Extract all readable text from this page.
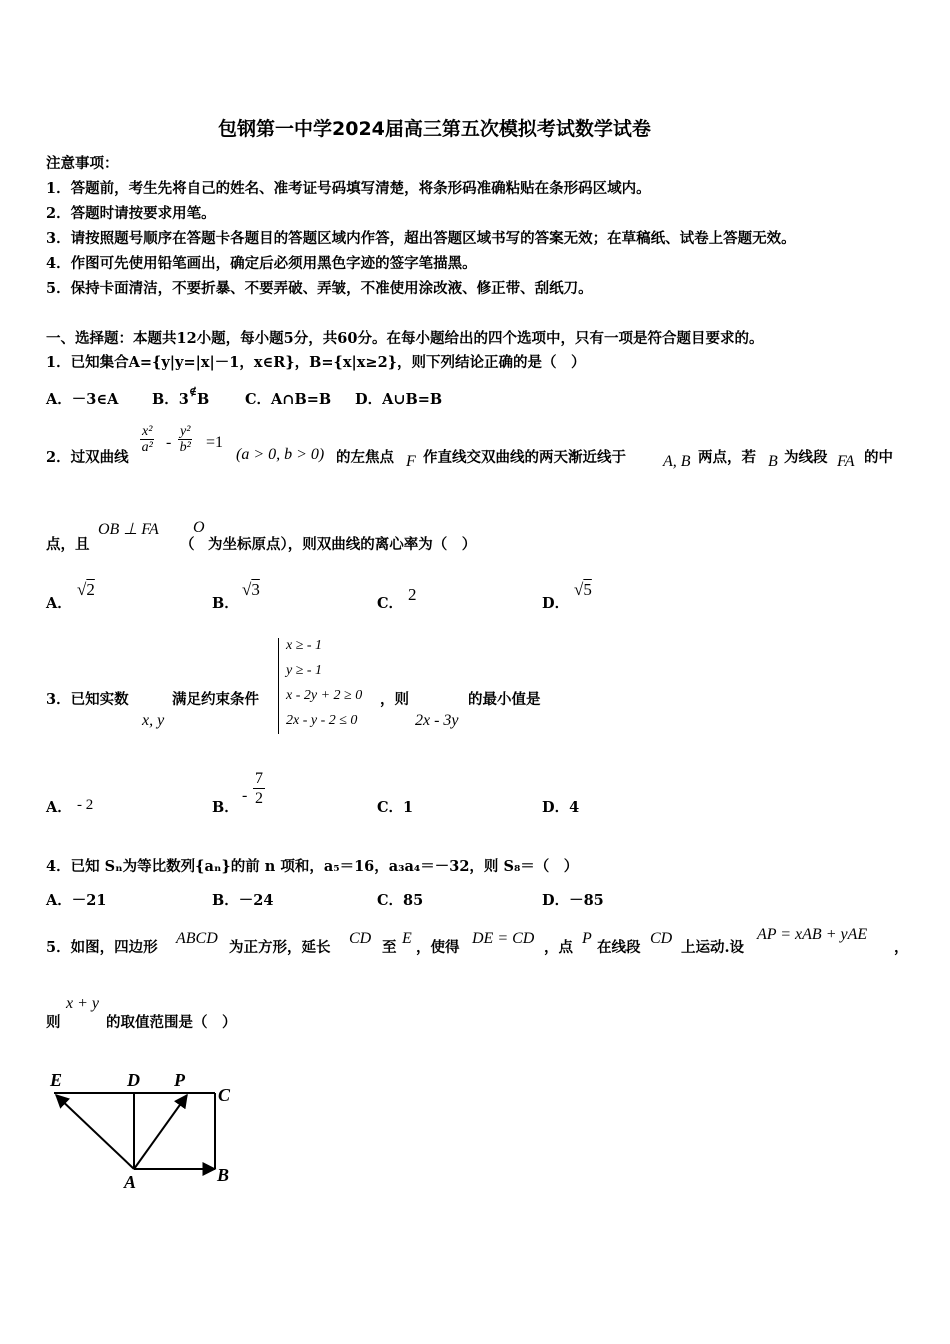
包钢第一中学2024届高三第五次模拟考试数学试卷
注意事项：
1．答题前，考生先将自己的姓名、准考证号码填写清楚，将条形码准确粘贴在条形码区域内。
2．答题时请按要求用笔。
3．请按照题号顺序在答题卡各题目的答题区域内作答，超出答题区域书写的答案无效；在草稿纸、试卷上答题无效。
4．作图可先使用铅笔画出，确定后必须用黑色字迹的签字笔描黑。
5．保持卡面清洁，不要折暴、不要弄破、弄皱，不准使用涂改液、修正带、刮纸刀。
一、选择题：本题共12小题，每小题5分，共60分。在每小题给出的四个选项中，只有一项是符合题目要求的。
1．已知集合A={y|y=|x|－1，x∈R}，B={x|x≥2}，则下列结论正确的是（　）
A．－3∈A B．3∉B C．A∩B=B D．A∪B=B
2．过双曲线
$\frac{\text{x²}}{\text{a²}} - \frac{\text{y²}}{\text{b²}} =1$
(a > 0, b > 0) 的左焦点 F 作直线交双曲线的两天渐近线于 A, B 两点，若 B 为线段 FA 的中
点，且
OB ⊥ FA
（
O
为坐标原点），则双曲线的离心率为（　）
A．
√2
B．
√3
C． 2	D．
√5
3．已知实数
x, y
满足约束条件
x ≥ - 1
y ≥ - 1
x - 2y + 2 ≥ 0
2x - y - 2 ≤ 0
，则
2x - 3y
的最小值是
A． - 2	B．
- $\frac{7}{2}$	C．1	D．4
4．已知 Sₙ为等比数列{aₙ}的前 n 项和，a₅＝16，a₃a₄＝－32，则 S₈＝（　）
A．－21	B．－24	C．85	D．－85
5．如图，四边形
ABCD
为正方形，延长
CD
至
E
，使得
DE = CD
，点
P
在线段
CD
上运动.设
AP = xAB + yAE
，
则
x + y
的取值范围是（　）
E	D P
C
A	B
